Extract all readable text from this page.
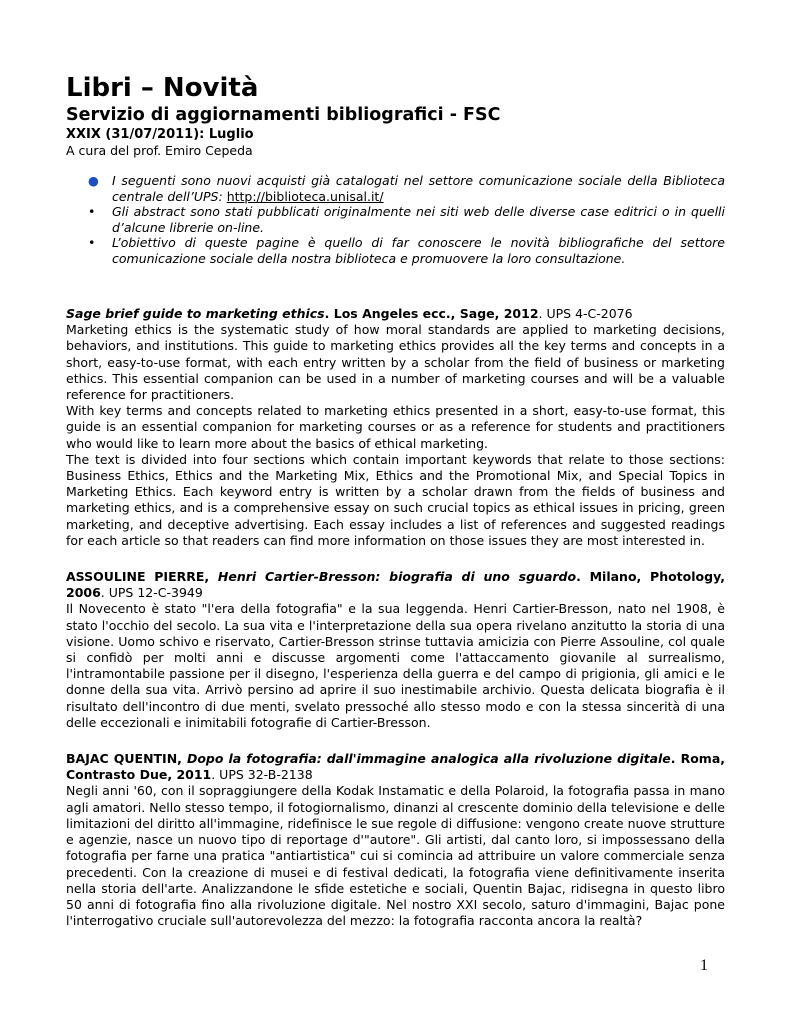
Libri – Novità
Servizio di aggiornamenti bibliografici - FSC

XXIX (31/07/2011): Luglio

A cura del prof. Emiro Cepeda

● I seguenti sono nuovi acquisti già catalogati nel settore comunicazione sociale della Biblioteca centrale dell’UPS: http://biblioteca.unisal.it/
• Gli abstract sono stati pubblicati originalmente nei siti web delle diverse case editrici o in quelli d’alcune librerie on-line.
• L’obiettivo di queste pagine è quello di far conoscere le novità bibliografiche del settore comunicazione sociale della nostra biblioteca e promuovere la loro consultazione.

Sage brief guide to marketing ethics. Los Angeles ecc., Sage, 2012. UPS 4-C-2076

Marketing ethics is the systematic study of how moral standards are applied to marketing decisions, behaviors, and institutions. This guide to marketing ethics provides all the key terms and concepts in a short, easy-to-use format, with each entry written by a scholar from the field of business or marketing ethics. This essential companion can be used in a number of marketing courses and will be a valuable reference for practitioners.

With key terms and concepts related to marketing ethics presented in a short, easy-to-use format, this guide is an essential companion for marketing courses or as a reference for students and practitioners who would like to learn more about the basics of ethical marketing.

The text is divided into four sections which contain important keywords that relate to those sections: Business Ethics, Ethics and the Marketing Mix, Ethics and the Promotional Mix, and Special Topics in Marketing Ethics. Each keyword entry is written by a scholar drawn from the fields of business and marketing ethics, and is a comprehensive essay on such crucial topics as ethical issues in pricing, green marketing, and deceptive advertising. Each essay includes a list of references and suggested readings for each article so that readers can find more information on those issues they are most interested in.

ASSOULINE PIERRE, Henri Cartier-Bresson: biografia di uno sguardo. Milano, Photology, 2006. UPS 12-C-3949

Il Novecento è stato "l'era della fotografia" e la sua leggenda. Henri Cartier-Bresson, nato nel 1908, è stato l'occhio del secolo. La sua vita e l'interpretazione della sua opera rivelano anzitutto la storia di una visione. Uomo schivo e riservato, Cartier-Bresson strinse tuttavia amicizia con Pierre Assouline, col quale si confidò per molti anni e discusse argomenti come l'attaccamento giovanile al surrealismo, l'intramontabile passione per il disegno, l'esperienza della guerra e del campo di prigionia, gli amici e le donne della sua vita. Arrivò persino ad aprire il suo inestimabile archivio. Questa delicata biografia è il risultato dell'incontro di due menti, svelato pressoché allo stesso modo e con la stessa sincerità di una delle eccezionali e inimitabili fotografie di Cartier-Bresson.

BAJAC QUENTIN, Dopo la fotografia: dall'immagine analogica alla rivoluzione digitale. Roma, Contrasto Due, 2011. UPS 32-B-2138

Negli anni '60, con il sopraggiungere della Kodak Instamatic e della Polaroid, la fotografia passa in mano agli amatori. Nello stesso tempo, il fotogiornalismo, dinanzi al crescente dominio della televisione e delle limitazioni del diritto all'immagine, ridefinisce le sue regole di diffusione: vengono create nuove strutture e agenzie, nasce un nuovo tipo di reportage d'"autore". Gli artisti, dal canto loro, si impossessano della fotografia per farne una pratica "antiartistica" cui si comincia ad attribuire un valore commerciale senza precedenti. Con la creazione di musei e di festival dedicati, la fotografia viene definitivamente inserita nella storia dell'arte. Analizzandone le sfide estetiche e sociali, Quentin Bajac, ridisegna in questo libro 50 anni di fotografia fino alla rivoluzione digitale. Nel nostro XXI secolo, saturo d'immagini, Bajac pone l'interrogativo cruciale sull'autorevolezza del mezzo: la fotografia racconta ancora la realtà?

1
